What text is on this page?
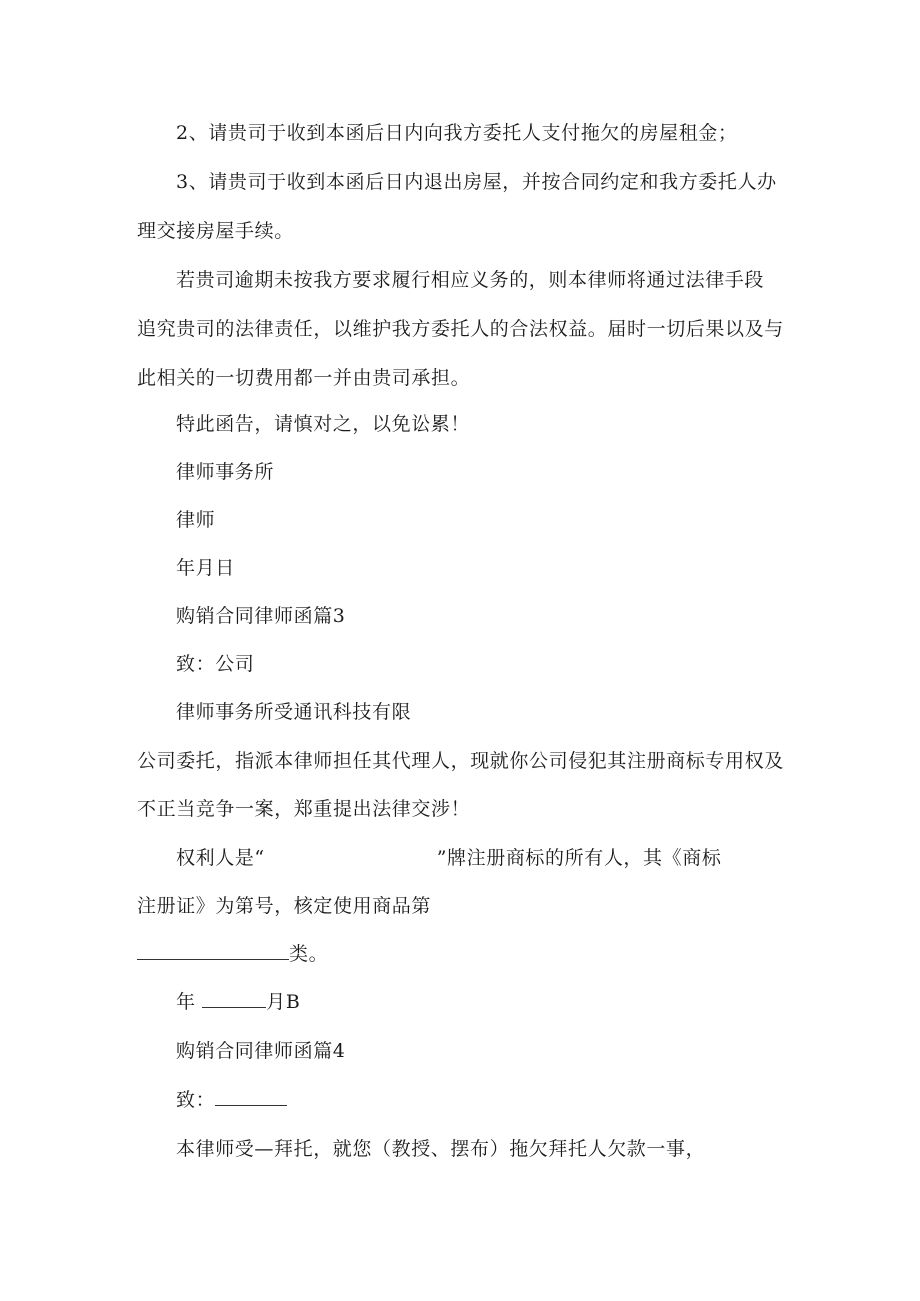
2、请贵司于收到本函后日内向我方委托人支付拖欠的房屋租金；
3、请贵司于收到本函后日内退出房屋，并按合同约定和我方委托人办
理交接房屋手续。
若贵司逾期未按我方要求履行相应义务的，则本律师将通过法律手段
追究贵司的法律责任，以维护我方委托人的合法权益。届时一切后果以及与
此相关的一切费用都一并由贵司承担。
特此函告，请慎对之，以免讼累！
律师事务所
律师
年月日
购销合同律师函篇3
致：公司
律师事务所受通讯科技有限
公司委托，指派本律师担任其代理人，现就你公司侵犯其注册商标专用权及
不正当竞争一案，郑重提出法律交涉！
权利人是“	”牌注册商标的所有人，其《商标
注册证》为第号，核定使用商品第
类。
年	月B
购销合同律师函篇4
致：
本律师受—拜托，就您（教授、摆布）拖欠拜托人欠款一事，
